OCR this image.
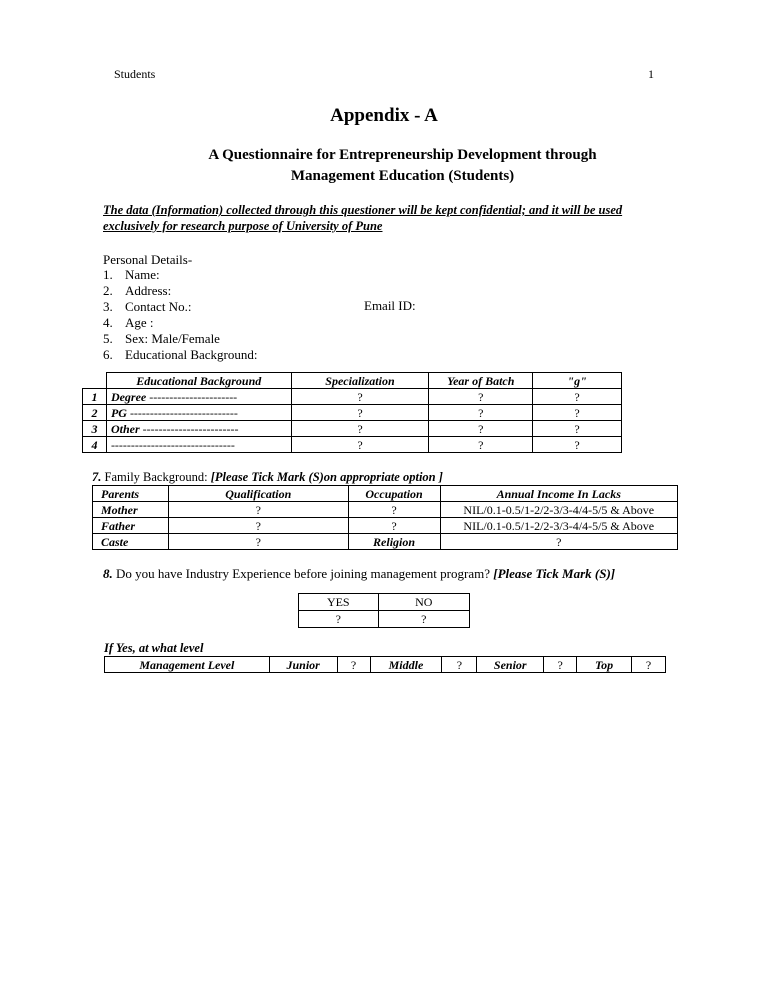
Students	1
Appendix - A
A Questionnaire for Entrepreneurship Development through
Management Education (Students)
The data (Information) collected through this questioner will be kept confidential; and it will be used exclusively for research purpose of University of Pune
Personal Details-
1. Name:
2. Address:
3. Contact No.:
4. Age :
5. Sex: Male/Female
6. Educational Background:
Email ID:
	Educational Background	Specialization	Year of Batch	"g"
1	Degree ----------------------	?	?	?
2	PG ---------------------------	?	?	?
3	Other ------------------------	?	?	?
4	-------------------------------	?	?	?
7. Family Background: [Please Tick Mark (S)on appropriate option ]
Parents	Qualification	Occupation	Annual Income In Lacks
Mother	?	?	NIL/0.1-0.5/1-2/2-3/3-4/4-5/5 & Above
Father	?	?	NIL/0.1-0.5/1-2/2-3/3-4/4-5/5 & Above
Caste	?	Religion	?
8. Do you have Industry Experience before joining management program? [Please Tick Mark (S)]
YES	NO
?	?
If Yes, at what level
Management Level	Junior	?	Middle	?	Senior	?	Top	?
